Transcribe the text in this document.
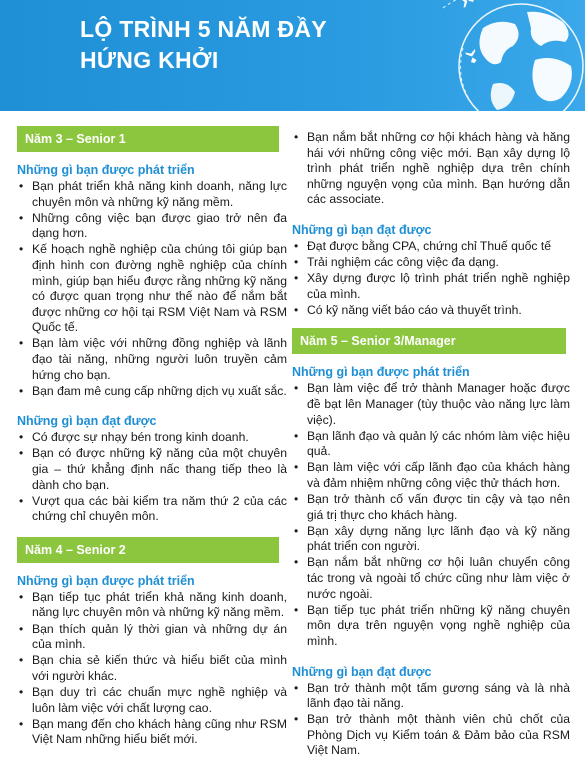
LỘ TRÌNH 5 NĂM ĐẦY
HỨNG KHỞI
Năm 3 – Senior 1
Những gì bạn được phát triển
• Bạn phát triển khả năng kinh doanh, năng lực chuyên môn và những kỹ năng mềm.
• Những công việc bạn được giao trở nên đa dạng hơn.
• Kế hoạch nghề nghiệp của chúng tôi giúp bạn định hình con đường nghề nghiệp của chính mình, giúp bạn hiểu được rằng những kỹ năng có được quan trọng như thế nào để nắm bắt được những cơ hội tại RSM Việt Nam và RSM Quốc tế.
• Bạn làm việc với những đồng nghiệp và lãnh đạo tài năng, những người luôn truyền cảm hứng cho bạn.
• Bạn đam mê cung cấp những dịch vụ xuất sắc.
Những gì bạn đạt được
• Có được sự nhạy bén trong kinh doanh.
• Bạn có được những kỹ năng của một chuyên gia – thứ khẳng định nấc thang tiếp theo là dành cho bạn.
• Vượt qua các bài kiểm tra năm thứ 2 của các chứng chỉ chuyên môn.
Năm 4 – Senior 2
Những gì bạn được phát triển
• Bạn tiếp tục phát triển khả năng kinh doanh, năng lực chuyên môn và những kỹ năng mềm.
• Bạn thích quản lý thời gian và những dự án của mình.
• Bạn chia sẻ kiến thức và hiểu biết của mình với người khác.
• Bạn duy trì các chuẩn mực nghề nghiệp và luôn làm việc với chất lượng cao.
• Bạn mang đến cho khách hàng cũng như RSM Việt Nam những hiểu biết mới.
• Bạn nắm bắt những cơ hội khách hàng và hăng hái với những công việc mới. Bạn xây dựng lộ trình phát triển nghề nghiệp dựa trên chính những nguyện vọng của mình. Bạn hướng dẫn các associate.
Những gì bạn đạt được
• Đạt được bằng CPA, chứng chỉ Thuế quốc tế
• Trải nghiệm các công việc đa dạng.
• Xây dựng được lộ trình phát triển nghề nghiệp của mình.
• Có kỹ năng viết báo cáo và thuyết trình.
Năm 5 – Senior 3/Manager
Những gì bạn được phát triển
• Bạn làm việc để trở thành Manager hoặc được đề bạt lên Manager (tùy thuộc vào năng lực làm việc).
• Bạn lãnh đạo và quản lý các nhóm làm việc hiệu quả.
• Bạn làm việc với cấp lãnh đạo của khách hàng và đảm nhiệm những công việc thử thách hơn.
• Bạn trở thành cố vấn được tin cậy và tạo nên giá trị thực cho khách hàng.
• Bạn xây dựng năng lực lãnh đạo và kỹ năng phát triển con người.
• Bạn nắm bắt những cơ hội luân chuyển công tác trong và ngoài tổ chức cũng như làm việc ở nước ngoài.
• Bạn tiếp tục phát triển những kỹ năng chuyên môn dựa trên nguyện vọng nghề nghiệp của mình.
Những gì bạn đạt được
• Bạn trở thành một tấm gương sáng và là nhà lãnh đạo tài năng.
• Bạn trở thành một thành viên chủ chốt của Phòng Dịch vụ Kiểm toán & Đảm bảo của RSM Việt Nam.
